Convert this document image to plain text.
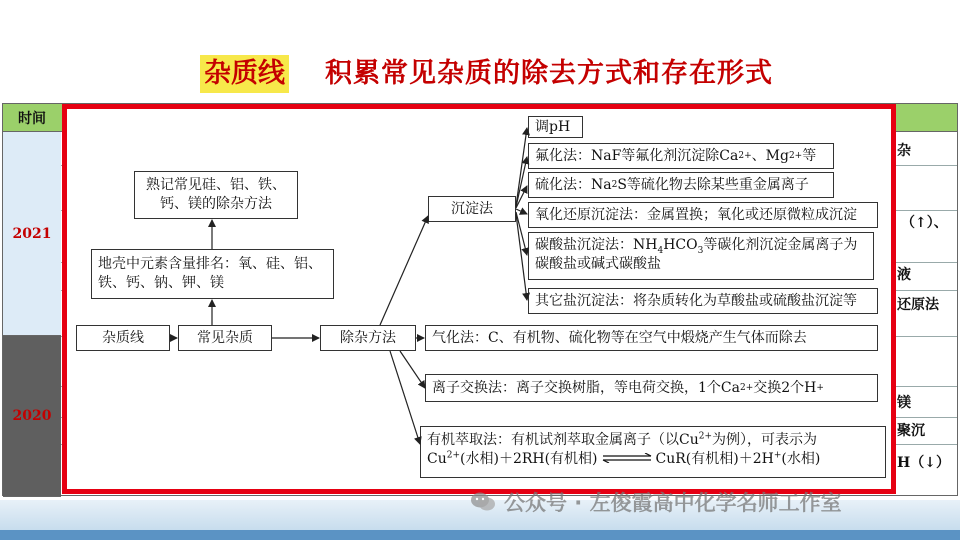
杂质线 积累常见杂质的除去方式和存在形式
时间
2021
2020
杂
（↑）、
液
还原法
镁
聚沉
H（↓）
熟记常见硅、铝、铁、钙、镁的除杂方法
地壳中元素含量排名：氧、硅、铝、铁、钙、钠、钾、镁
杂质线	常见杂质	除杂方法
沉淀法
调pH
氟化法：NaF等氟化剂沉淀除Ca 2+ 、Mg 2+ 等
硫化法：Na 2 S等硫化物去除某些重金属离子
氧化还原沉淀法：金属置换；氧化或还原微粒成沉淀
碳酸盐沉淀法：$NH_4HCO_3$等碳化剂沉淀金属离子为
碳酸盐或碱式碳酸盐
其它盐沉淀法：将杂质转化为草酸盐或硫酸盐沉淀等
气化法：C、有机物、硫化物等在空气中煅烧产生气体而除去
离子交换法：离子交换树脂，等电荷交换，1个Ca 2+ 交换2个H +
有机萃取法：有机试剂萃取金属离子（以$Cu^{2+}$为例），可表示为
$Cu^{2+}$(水相)＋2RH(有机相) ⇌ CuR(有机相)＋2H+(水相)
公众号 · 左俊霞高中化学名师工作室
